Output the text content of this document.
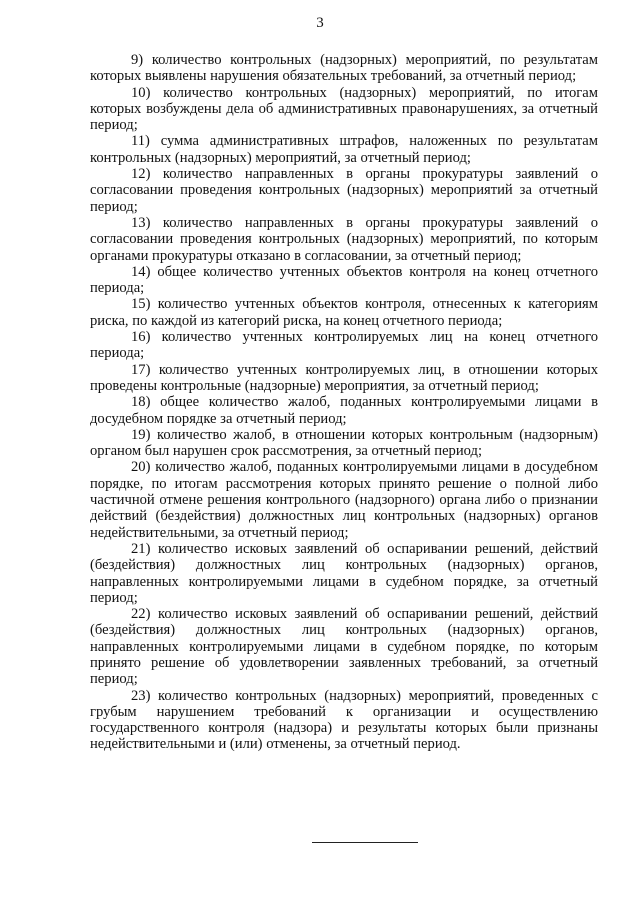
3

9) количество контрольных (надзорных) мероприятий, по результатам которых выявлены нарушения обязательных требований, за отчетный период;

10) количество контрольных (надзорных) мероприятий, по итогам которых возбуждены дела об административных правонарушениях, за отчетный период;

11) сумма административных штрафов, наложенных по результатам контрольных (надзорных) мероприятий, за отчетный период;

12) количество направленных в органы прокуратуры заявлений о согласовании проведения контрольных (надзорных) мероприятий за отчетный период;

13) количество направленных в органы прокуратуры заявлений о согласовании проведения контрольных (надзорных) мероприятий, по которым органами прокуратуры отказано в согласовании, за отчетный период;

14) общее количество учтенных объектов контроля на конец отчетного периода;

15) количество учтенных объектов контроля, отнесенных к категориям риска, по каждой из категорий риска, на конец отчетного периода;

16) количество учтенных контролируемых лиц на конец отчетного периода;

17) количество учтенных контролируемых лиц, в отношении которых проведены контрольные (надзорные) мероприятия, за отчетный период;

18) общее количество жалоб, поданных контролируемыми лицами в досудебном порядке за отчетный период;

19) количество жалоб, в отношении которых контрольным (надзорным) органом был нарушен срок рассмотрения, за отчетный период;

20) количество жалоб, поданных контролируемыми лицами в досудебном порядке, по итогам рассмотрения которых принято решение о полной либо частичной отмене решения контрольного (надзорного) органа либо о признании действий (бездействия) должностных лиц контрольных (надзорных) органов недействительными, за отчетный период;

21) количество исковых заявлений об оспаривании решений, действий (бездействия) должностных лиц контрольных (надзорных) органов, направленных контролируемыми лицами в судебном порядке, за отчетный период;

22) количество исковых заявлений об оспаривании решений, действий (бездействия) должностных лиц контрольных (надзорных) органов, направленных контролируемыми лицами в судебном порядке, по которым принято решение об удовлетворении заявленных требований, за отчетный период;

23) количество контрольных (надзорных) мероприятий, проведенных с грубым нарушением требований к организации и осуществлению государственного контроля (надзора) и результаты которых были признаны недействительными и (или) отменены, за отчетный период.
